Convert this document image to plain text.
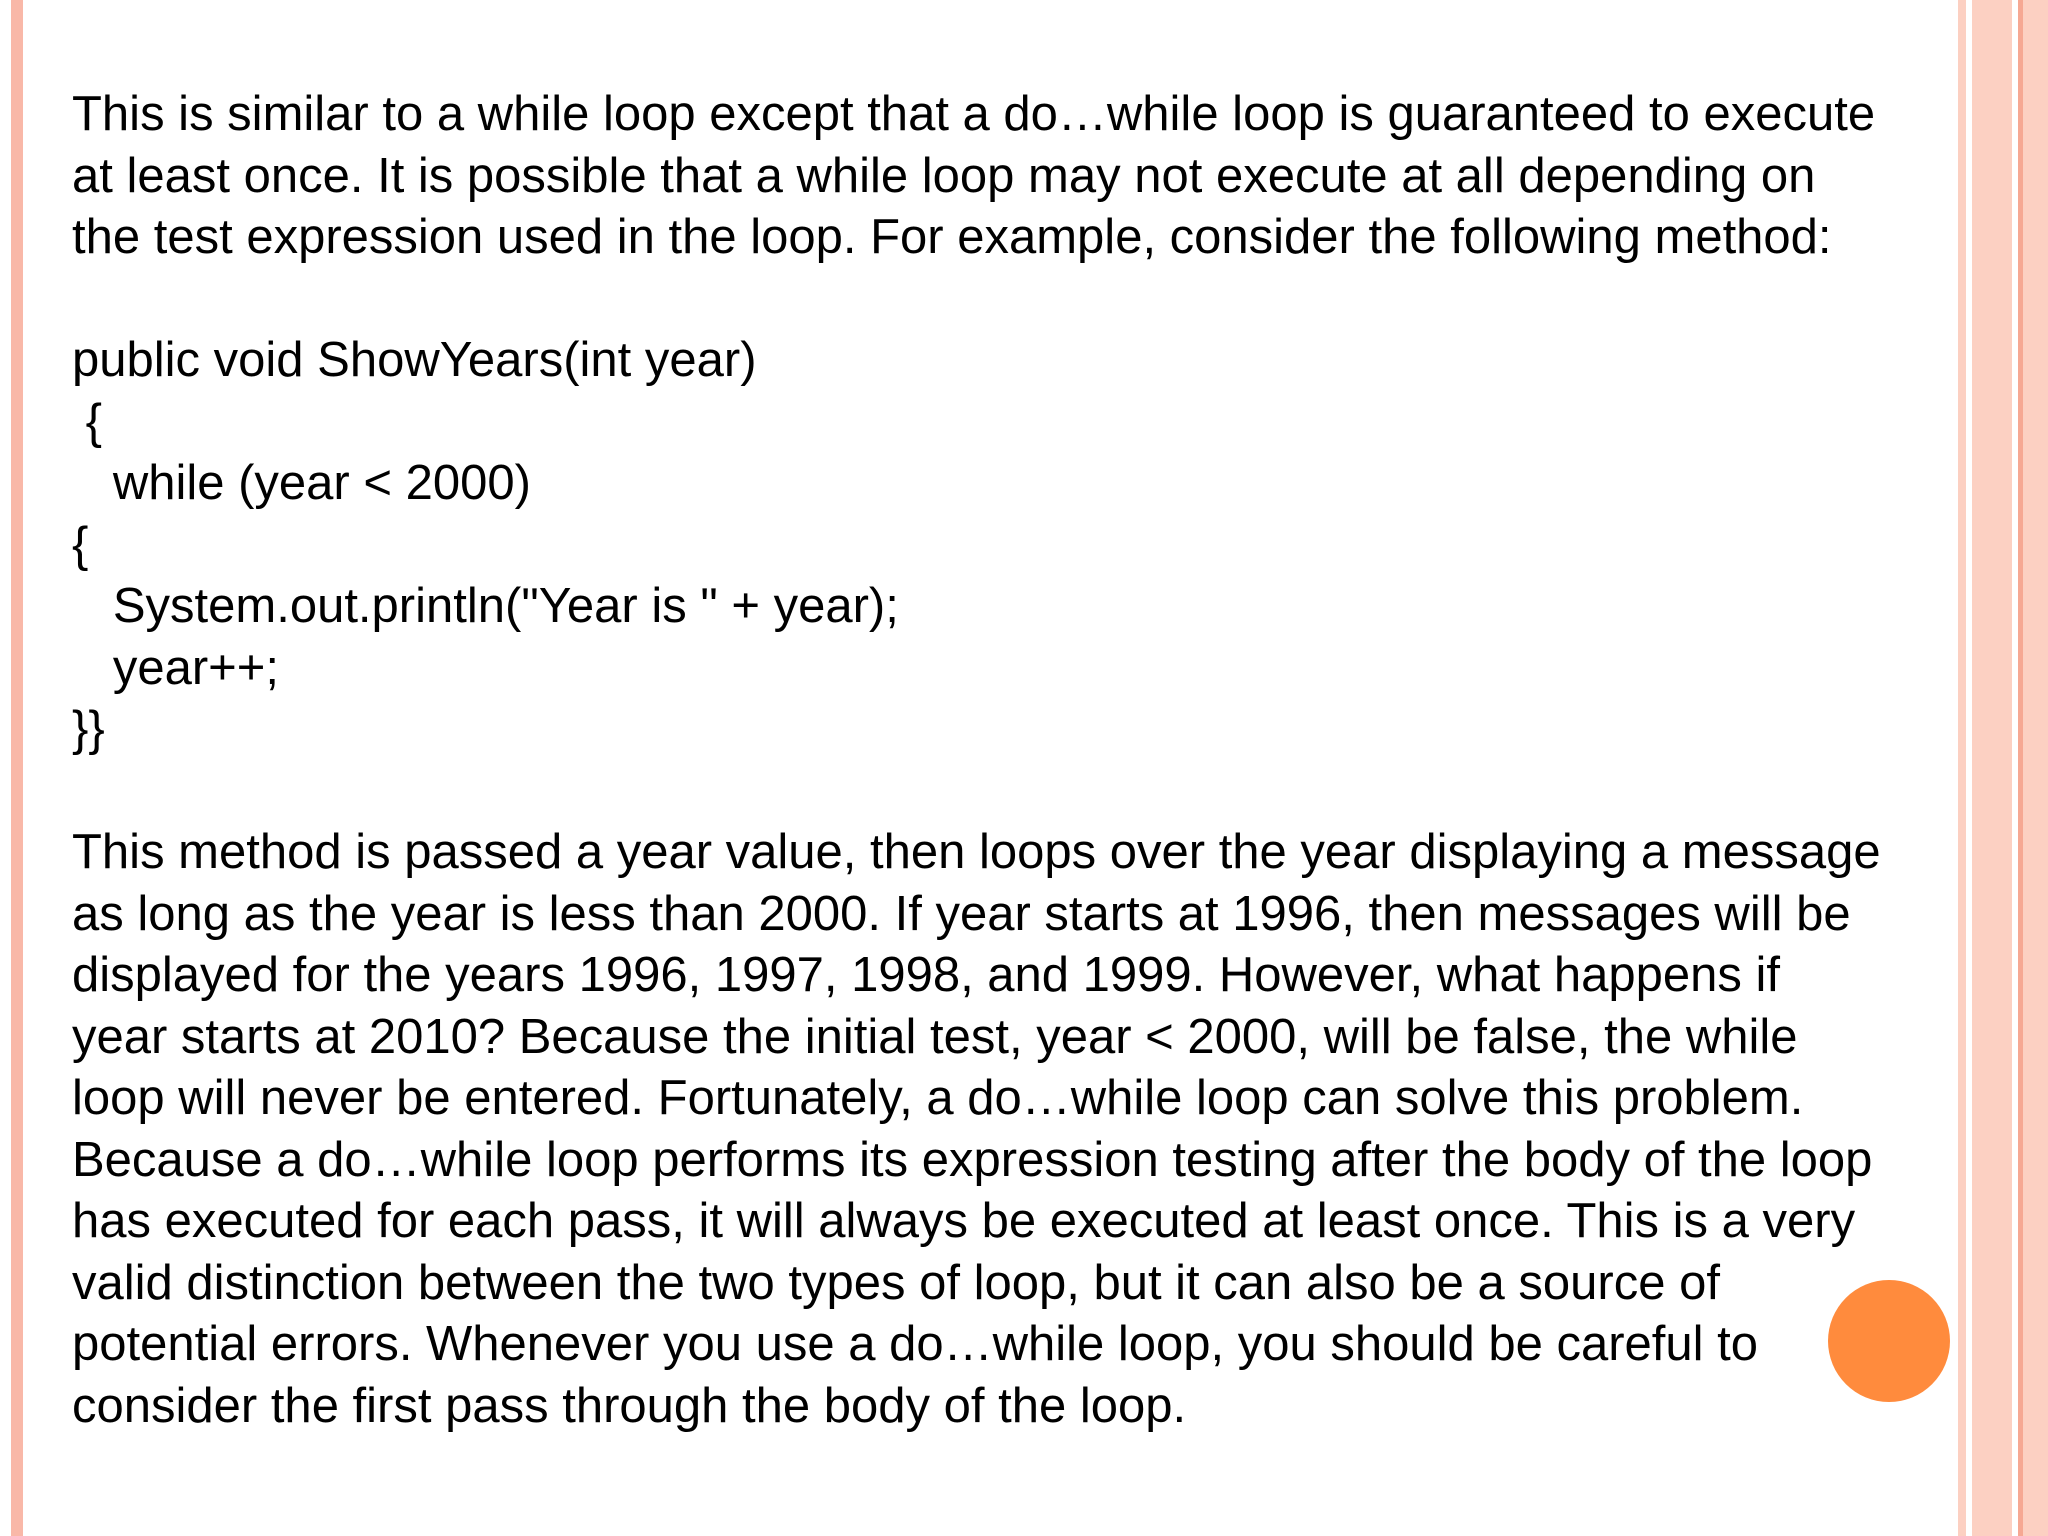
This is similar to a while loop except that a do…while loop is guaranteed to execute
at least once. It is possible that a while loop may not execute at all depending on
the test expression used in the loop. For example, consider the following method:
public void ShowYears(int year)
{
while (year < 2000)
{
System.out.println("Year is " + year);
year++;
}}
This method is passed a year value, then loops over the year displaying a message
as long as the year is less than 2000. If year starts at 1996, then messages will be
displayed for the years 1996, 1997, 1998, and 1999. However, what happens if
year starts at 2010? Because the initial test, year < 2000, will be false, the while
loop will never be entered. Fortunately, a do…while loop can solve this problem.
Because a do…while loop performs its expression testing after the body of the loop
has executed for each pass, it will always be executed at least once. This is a very
valid distinction between the two types of loop, but it can also be a source of
potential errors. Whenever you use a do…while loop, you should be careful to
consider the first pass through the body of the loop.
